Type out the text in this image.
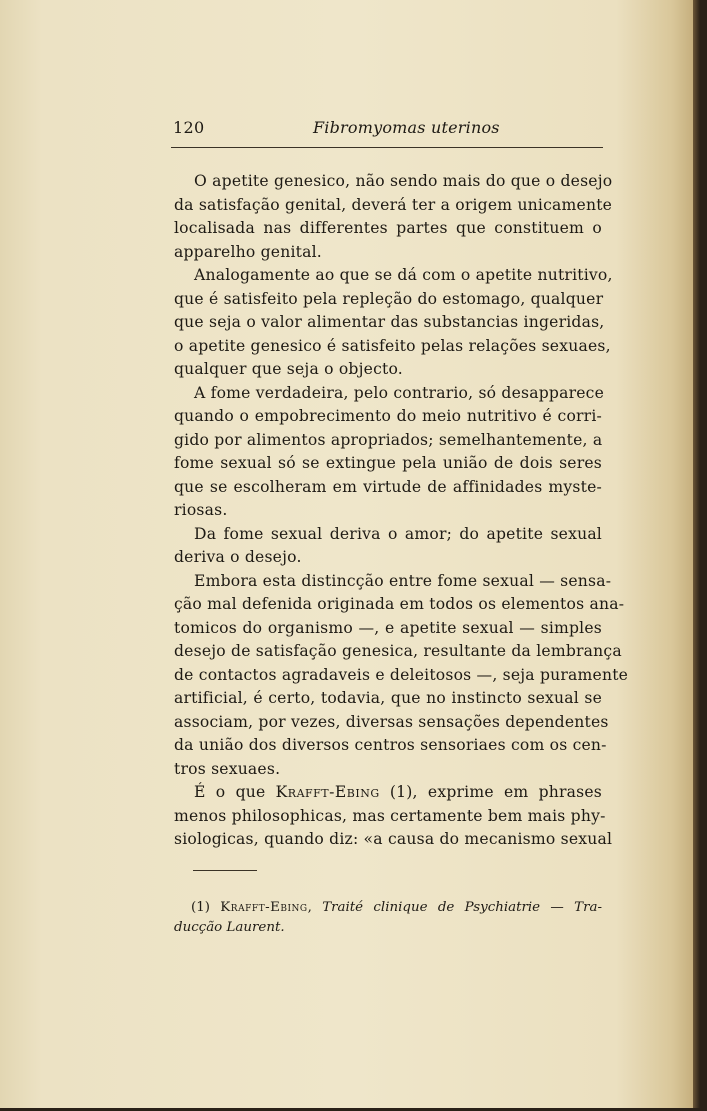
120	Fibromyomas uterinos
O apetite genesico, não sendo mais do que o desejo
da satisfação genital, deverá ter a origem unicamente
localisada nas differentes partes que constituem o
apparelho genital.
Analogamente ao que se dá com o apetite nutritivo,
que é satisfeito pela repleção do estomago, qualquer
que seja o valor alimentar das substancias ingeridas,
o apetite genesico é satisfeito pelas relações sexuaes,
qualquer que seja o objecto.
A fome verdadeira, pelo contrario, só desapparece
quando o empobrecimento do meio nutritivo é corri-
gido por alimentos apropriados; semelhantemente, a
fome sexual só se extingue pela união de dois seres
que se escolheram em virtude de affinidades myste-
riosas.
Da fome sexual deriva o amor; do apetite sexual
deriva o desejo.
Embora esta distincção entre fome sexual — sensa-
ção mal defenida originada em todos os elementos ana-
tomicos do organismo —, e apetite sexual — simples
desejo de satisfação genesica, resultante da lembrança
de contactos agradaveis e deleitosos —, seja puramente
artificial, é certo, todavia, que no instincto sexual se
associam, por vezes, diversas sensações dependentes
da união dos diversos centros sensoriaes com os cen-
tros sexuaes.
É o que Krafft-Ebing (1), exprime em phrases
menos philosophicas, mas certamente bem mais phy-
siologicas, quando diz: «a causa do mecanismo sexual
(1) Krafft-Ebing, Traité clinique de Psychiatrie — Tra-
ducção Laurent.
